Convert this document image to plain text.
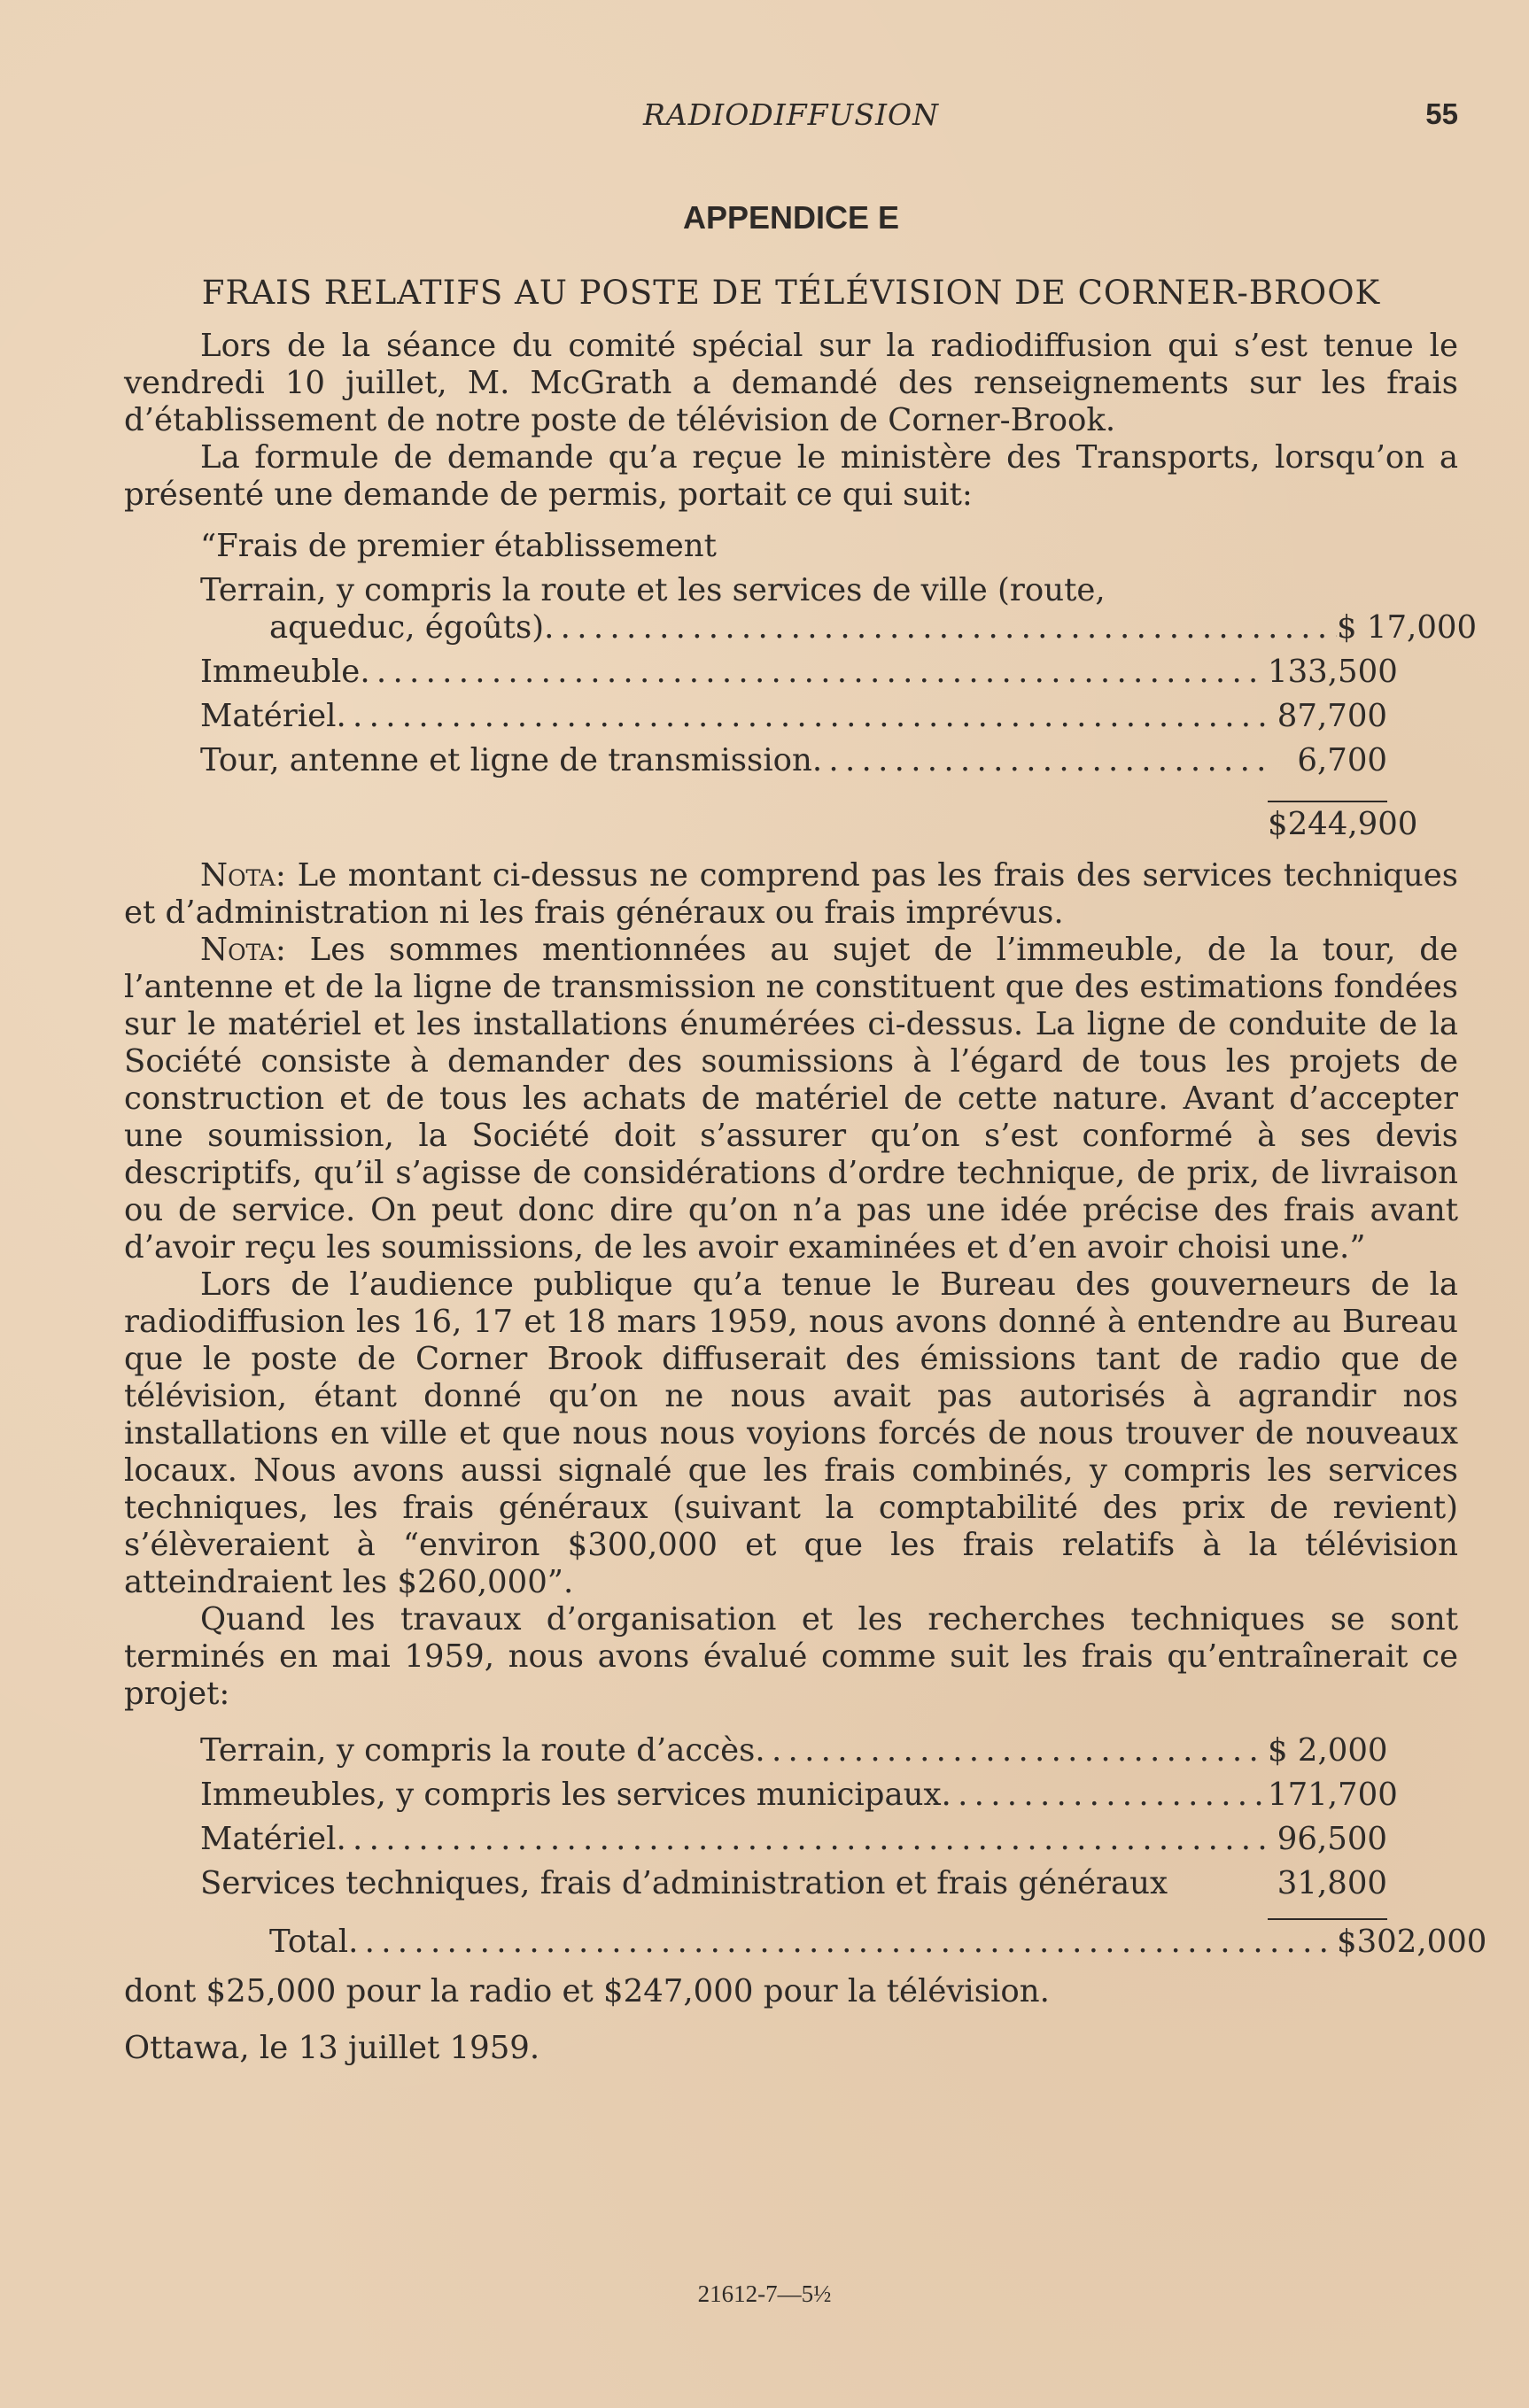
RADIODIFFUSION	55
APPENDICE E
FRAIS RELATIFS AU POSTE DE TÉLÉVISION DE CORNER-BROOK

Lors de la séance du comité spécial sur la radiodiffusion qui s’est tenue le vendredi 10 juillet, M. McGrath a demandé des renseignements sur les frais d’établissement de notre poste de télévision de Corner-Brook.

La formule de demande qu’a reçue le ministère des Transports, lorsqu’on a présenté une demande de permis, portait ce qui suit:

“Frais de premier établissement
Terrain, y compris la route et les services de ville (route,
aqueduc, égoûts) . . .	$ 17,000
Immeuble . . .	133,500
Matériel . . .	87,700
Tour, antenne et ligne de transmission . . .	6,700
$244,900

Nota: Le montant ci-dessus ne comprend pas les frais des services techniques et d’administration ni les frais généraux ou frais imprévus.

Nota: Les sommes mentionnées au sujet de l’immeuble, de la tour, de l’antenne et de la ligne de transmission ne constituent que des estimations fondées sur le matériel et les installations énumérées ci-dessus. La ligne de conduite de la Société consiste à demander des soumissions à l’égard de tous les projets de construction et de tous les achats de matériel de cette nature. Avant d’accepter une soumission, la Société doit s’assurer qu’on s’est conformé à ses devis descriptifs, qu’il s’agisse de considérations d’ordre technique, de prix, de livraison ou de service. On peut donc dire qu’on n’a pas une idée précise des frais avant d’avoir reçu les soumissions, de les avoir examinées et d’en avoir choisi une.”

Lors de l’audience publique qu’a tenue le Bureau des gouverneurs de la radiodiffusion les 16, 17 et 18 mars 1959, nous avons donné à entendre au Bureau que le poste de Corner Brook diffuserait des émissions tant de radio que de télévision, étant donné qu’on ne nous avait pas autorisés à agrandir nos installations en ville et que nous nous voyions forcés de nous trouver de nouveaux locaux. Nous avons aussi signalé que les frais combinés, y compris les services techniques, les frais généraux (suivant la comptabilité des prix de revient) s’élèveraient à “environ $300,000 et que les frais relatifs à la télévision atteindraient les $260,000”.

Quand les travaux d’organisation et les recherches techniques se sont terminés en mai 1959, nous avons évalué comme suit les frais qu’entraînerait ce projet:

Terrain, y compris la route d’accès . . .	$ 2,000
Immeubles, y compris les services municipaux . . .	171,700
Matériel . . .	96,500
Services techniques, frais d’administration et frais généraux	31,800
Total . . .	$302,000

dont $25,000 pour la radio et $247,000 pour la télévision.

Ottawa, le 13 juillet 1959.

21612-7—5½
